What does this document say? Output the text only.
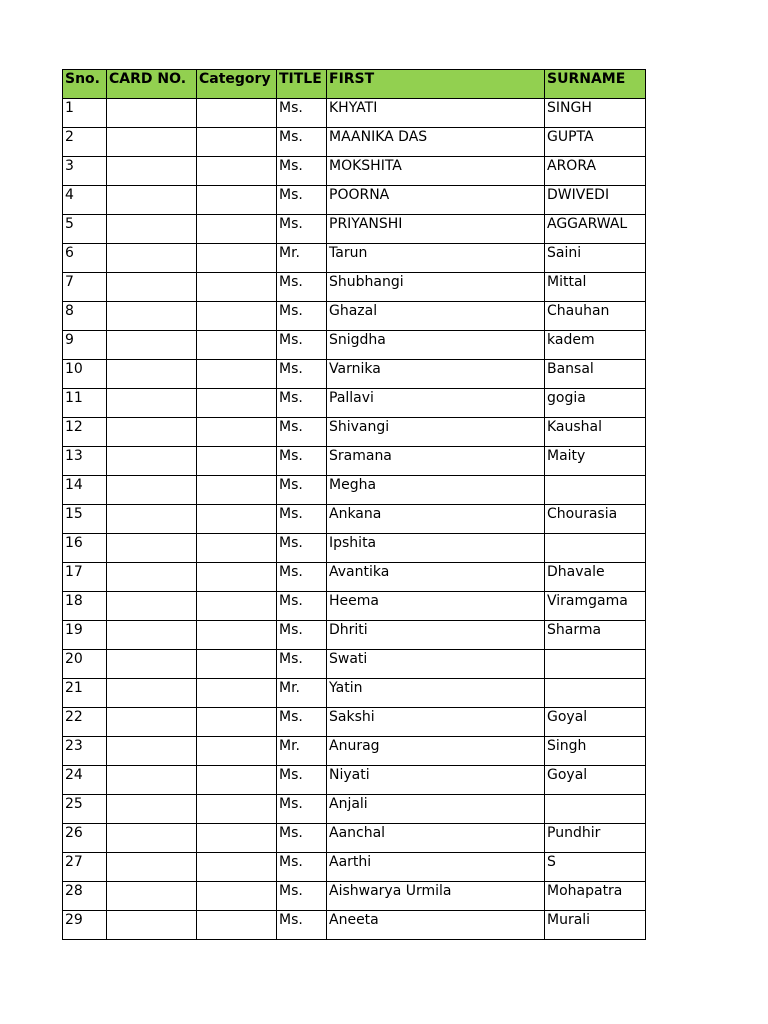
Sno.	CARD NO.	Category	TITLE	FIRST	SURNAME
1			Ms.	KHYATI	SINGH
2			Ms.	MAANIKA DAS	GUPTA
3			Ms.	MOKSHITA	ARORA
4			Ms.	POORNA	DWIVEDI
5			Ms.	PRIYANSHI	AGGARWAL
6			Mr.	Tarun	Saini
7			Ms.	Shubhangi	Mittal
8			Ms.	Ghazal	Chauhan
9			Ms.	Snigdha	kadem
10			Ms.	Varnika	Bansal
11			Ms.	Pallavi	gogia
12			Ms.	Shivangi	Kaushal
13			Ms.	Sramana	Maity
14			Ms.	Megha	
15			Ms.	Ankana	Chourasia
16			Ms.	Ipshita	
17			Ms.	Avantika	Dhavale
18			Ms.	Heema	Viramgama
19			Ms.	Dhriti	Sharma
20			Ms.	Swati	
21			Mr.	Yatin	
22			Ms.	Sakshi	Goyal
23			Mr.	Anurag	Singh
24			Ms.	Niyati	Goyal
25			Ms.	Anjali	
26			Ms.	Aanchal	Pundhir
27			Ms.	Aarthi	S
28			Ms.	Aishwarya Urmila	Mohapatra
29			Ms.	Aneeta	Murali
